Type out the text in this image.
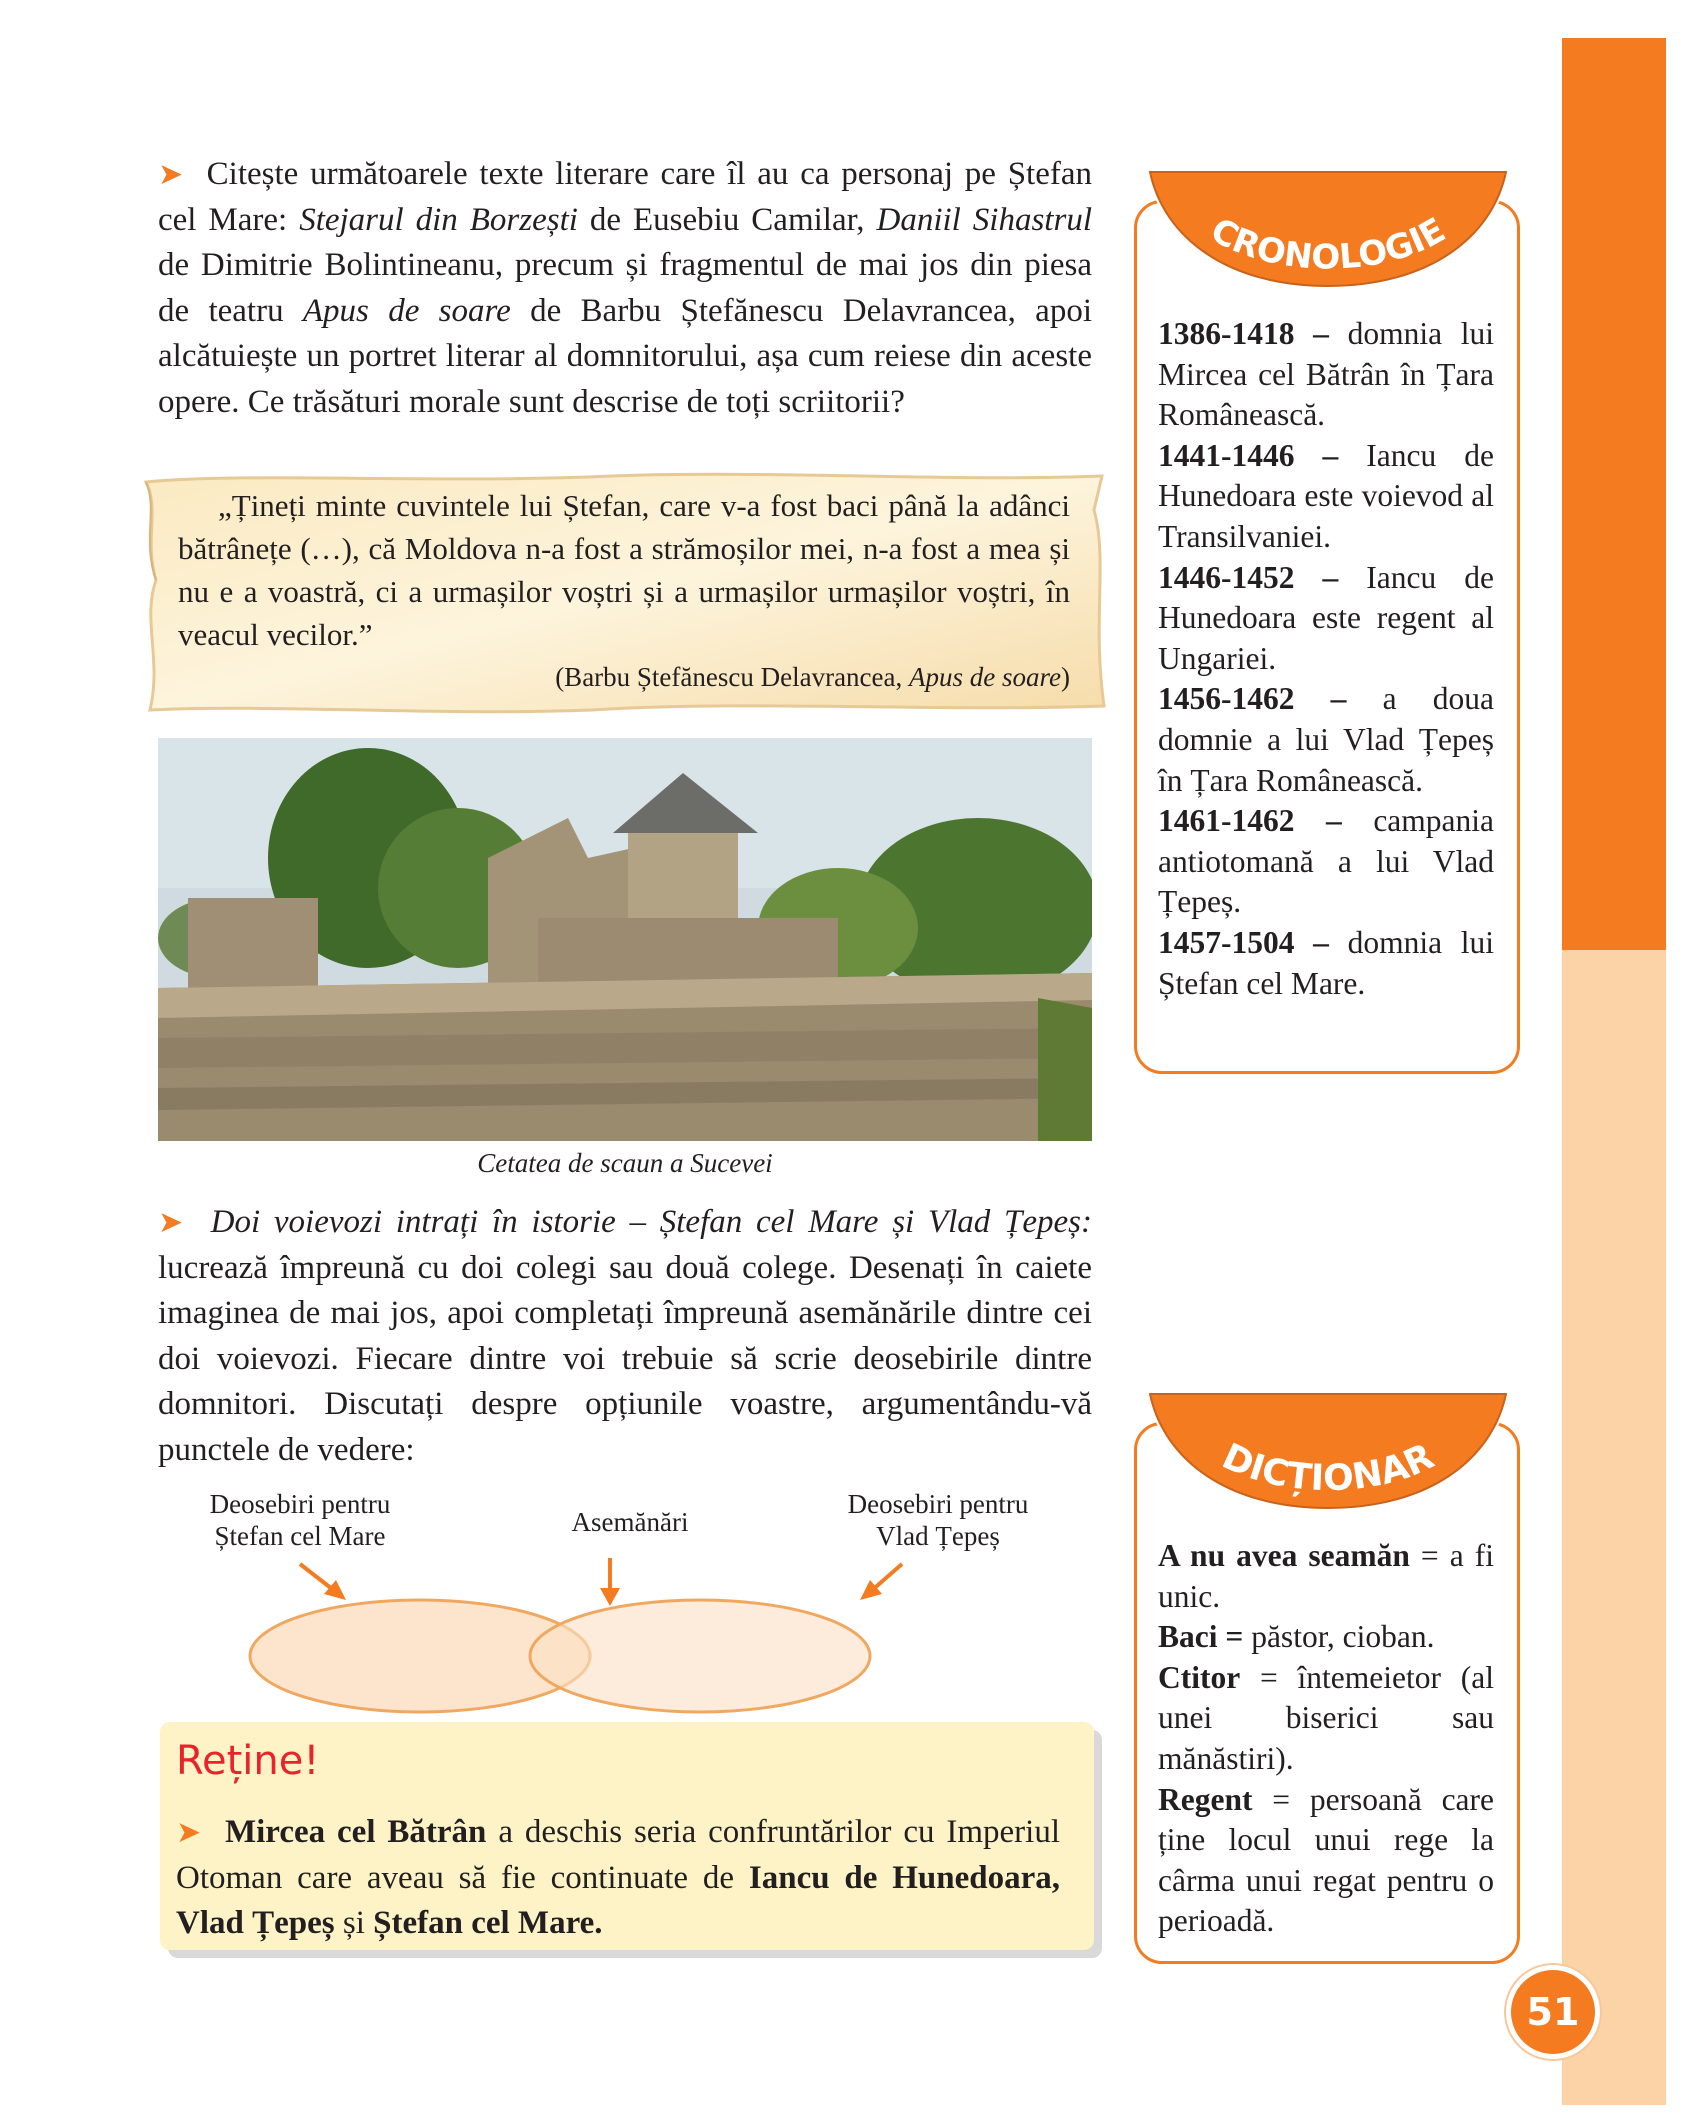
51
➤ Citește următoarele texte literare care îl au ca personaj pe Ștefan cel Mare: Stejarul din Borzești de Eusebiu Camilar, Daniil Sihastrul de Dimitrie Bolintineanu, precum și fragmentul de mai jos din piesa de teatru Apus de soare de Barbu Ștefănescu Delavrancea, apoi alcătuiește un portret literar al domnitorului, așa cum reiese din aceste opere. Ce trăsături morale sunt descrise de toți scriitorii?
„Țineți minte cuvintele lui Ștefan, care v-a fost baci până la adânci bătrânețe (…), că Moldova n-a fost a strămoșilor mei, n-a fost a mea și nu e a voastră, ci a urmașilor voștri și a urmașilor urmașilor voștri, în veacul vecilor.”
(Barbu Ștefănescu Delavrancea, Apus de soare)
Cetatea de scaun a Sucevei
➤ Doi voievozi intrați în istorie – Ștefan cel Mare și Vlad Țepeș: lucrează împreună cu doi colegi sau două colege. Desenați în caiete imaginea de mai jos, apoi completați împreună asemănările dintre cei doi voievozi. Fiecare dintre voi trebuie să scrie deosebirile dintre domnitori. Discutați despre opțiunile voastre, argumentându-vă punctele de vedere:
Deosebiri pentru
Ștefan cel Mare	Asemănări
Deosebiri pentru
Vlad Țepeș
Reține!
➤ Mircea cel Bătrân a deschis seria confruntărilor cu Imperiul Otoman care aveau să fie continuate de Iancu de Hunedoara, Vlad Țepeș și Ștefan cel Mare.
CRONOLOGIE
1386-1418 – domnia lui Mircea cel Bătrân în Țara Românească.
1441-1446 – Iancu de Hunedoara este voievod al Transilvaniei.
1446-1452 – Iancu de Hunedoara este regent al Ungariei.
1456-1462 – a doua domnie a lui Vlad Țepeș în Țara Românească.
1461-1462 – campania antiotomană a lui Vlad Țepeș.
1457-1504 – domnia lui Ștefan cel Mare.
DICȚIONAR
A nu avea seamăn = a fi unic.
Baci = păstor, cioban.
Ctitor = întemeietor (al unei biserici sau mănăstiri).
Regent = persoană care ține locul unui rege la cârma unui regat pentru o perioadă.
